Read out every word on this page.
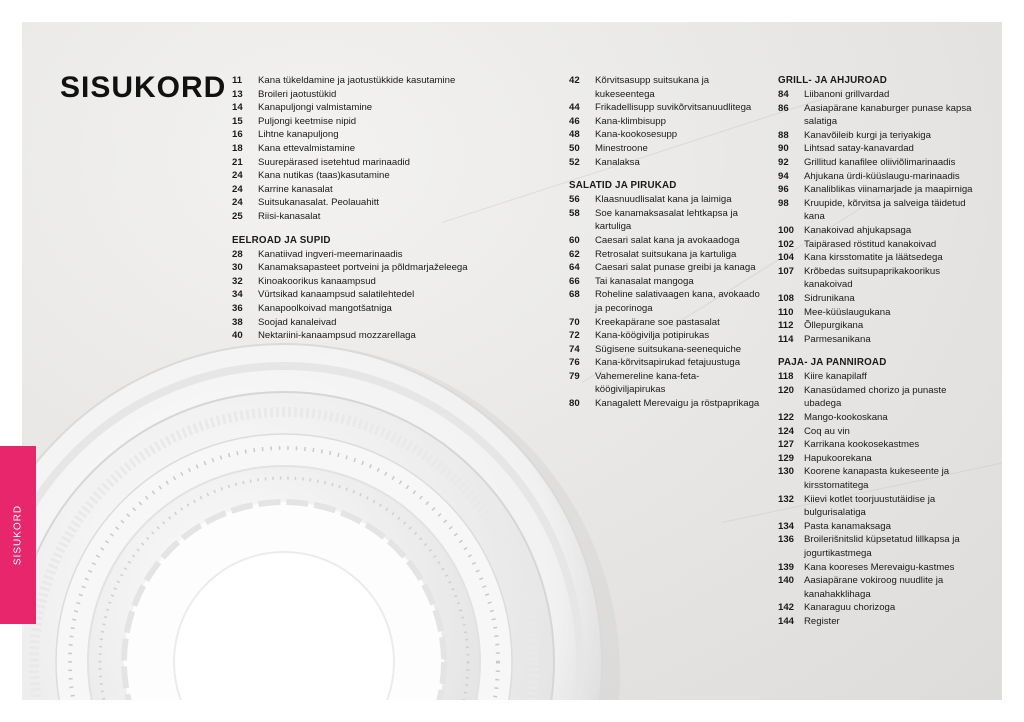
SISUKORD
SISUKORD 11	Kana tükeldamine ja jaotustükkide kasutamine
13	Broileri jaotustükid
14	Kanapuljongi valmistamine
15	Puljongi keetmise nipid
16	Lihtne kanapuljong
18	Kana ettevalmistamine
21	Suurepärased isetehtud marinaadid
24	Kana nutikas (taas)kasutamine
24	Karrine kanasalat
24	Suitsukanasalat. Peolauahitt
25	Riisi-kanasalat
EELROAD JA SUPID
28	Kanatiivad ingveri-meemarinaadis
30	Kanamaksapasteet portveini ja põldmarjaželeega
32	Kinoakoorikus kanaampsud
34	Vürtsikad kanaampsud salatilehtedel
36	Kanapoolkoivad mangotšatniga
38	Soojad kanaleivad
40	Nektariini-kanaampsud mozzarellaga
42	Kõrvitsasupp suitsukana ja kukeseentega
44	Frikadellisupp suvikõrvitsanuudlitega
46	Kana-klimbisupp
48	Kana-kookosesupp
50	Minestroone
52	Kanalaksa
SALATID JA PIRUKAD
56	Klaasnuudlisalat kana ja laimiga
58	Soe kanamaksasalat lehtkapsa ja kartuliga
60	Caesari salat kana ja avokaadoga
62	Retrosalat suitsukana ja kartuliga
64	Caesari salat punase greibi ja kanaga
66	Tai kanasalat mangoga
68	Roheline salativaagen kana, avokaado ja pecorinoga
70	Kreekapärane soe pastasalat
72	Kana-köögivilja potipirukas
74	Sügisene suitsukana-seenequiche
76	Kana-kõrvitsapirukad fetajuustuga
79	Vahemereline kana-feta-köögiviljapirukas
80	Kanagalett Merevaigu ja röstpaprikaga
GRILL- JA AHJUROAD
84	Liibanoni grillvardad
86	Aasiapärane kanaburger punase kapsa salatiga
88	Kanavõileib kurgi ja teriyakiga
90	Lihtsad satay-kanavardad
92	Grillitud kanafilee oliiviõlimarinaadis
94	Ahjukana ürdi-küüslaugu-marinaadis
96	Kanaliblikas viinamarjade ja maapirniga
98	Kruupide, kõrvitsa ja salveiga täidetud kana
100	Kanakoivad ahjukapsaga
102	Taipärased röstitud kanakoivad
104	Kana kirsstomatite ja läätsedega
107	Krõbedas suitsupaprikakoorikus kanakoivad
108	Sidrunikana
110	Mee-küüslaugukana
112	Õllepurgikana
114	Parmesanikana
PAJA- JA PANNIROAD
118	Kiire kanapilaff
120	Kanasüdamed chorizo ja punaste ubadega
122	Mango-kookoskana
124	Coq au vin
127	Karrikana kookosekastmes
129	Hapukoorekana
130	Koorene kanapasta kukeseente ja kirsstomatitega
132	Kiievi kotlet toorjuustutäidise ja bulgurisalatiga
134	Pasta kanamaksaga
136	Broilerišnitslid küpsetatud lillkapsa ja jogurtikastmega
139	Kana kooreses Merevaigu-kastmes
140	Aasiapärane vokiroog nuudlite ja kanahakklihaga
142	Kanaraguu chorizoga
144	Register
